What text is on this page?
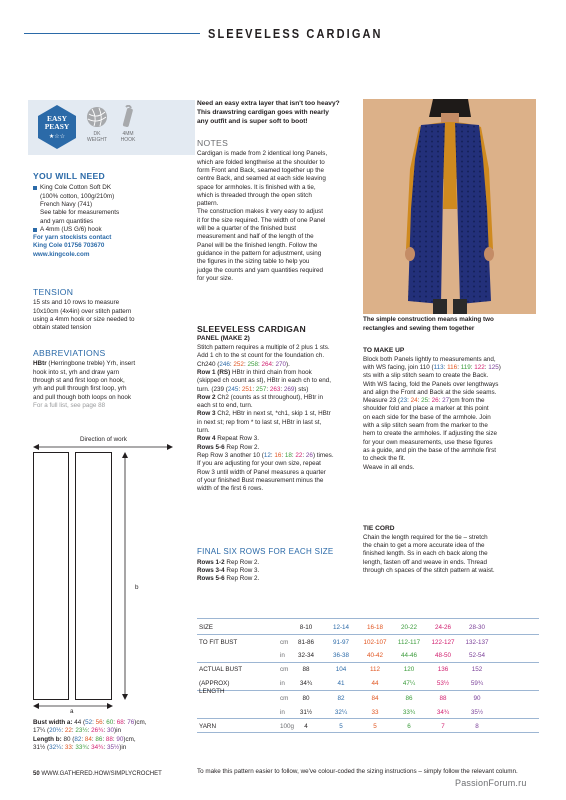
SLEEVELESS CARDIGAN
EASY
PEASY
★☆☆	DK
WEIGHT
4MM
HOOK
YOU WILL NEED
King Cole Cotton Soft DK
(100% cotton, 100g/210m)
French Navy (741)
See table for measurements
and yarn quantities
A 4mm (US G/6) hook
For yarn stockists contact
King Cole 01756 703670
www.kingcole.com
TENSION
15 sts and 10 rows to measure
10x10cm (4x4in) over stitch pattern
using a 4mm hook or size needed to
obtain stated tension
ABBREVIATIONS
HBtr (Herringbone treble) Yrh, insert
hook into st, yrh and draw yarn
through st and first loop on hook,
yrh and pull through first loop, yrh
and pull though both loops on hook
For a full list, see page 88
Direction of work
b
a
Bust width a: 44 (52: 56: 60: 68: 76)cm,
17¼ (20½: 22: 23½: 26¾: 30)in
Length b: 80 (82: 84: 86: 88: 90)cm,
31½ (32¼: 33: 33¾: 34¾: 35½)in
Need an easy extra layer that isn't too heavy?
This drawstring cardigan goes with nearly
any outfit and is super soft to boot!
NOTES
Cardigan is made from 2 identical long Panels,
which are folded lengthwise at the shoulder to
form Front and Back, seamed together up the
centre Back, and seamed at each side leaving
space for armholes. It is finished with a tie,
which is threaded through the open stitch
pattern.
The construction makes it very easy to adjust
it for the size required. The width of one Panel
will be a quarter of the finished bust
measurement and half of the length of the
Panel will be the finished length. Follow the
guidance in the pattern for adjustment, using
the figures in the sizing table to help you
judge the counts and yarn quantities required
for your size.
SLEEVELESS CARDIGAN
PANEL (MAKE 2)
Stitch pattern requires a multiple of 2 plus 1 sts.
Add 1 ch to the st count for the foundation ch.
Ch240 (246: 252: 258: 264: 270).
Row 1 (RS) HBtr in third chain from hook
(skipped ch count as st), HBtr in each ch to end,
turn. (239 (245: 251: 257: 263: 269) sts)
Row 2 Ch2 (counts as st throughout), HBtr in
each st to end, turn.
Row 3 Ch2, HBtr in next st, *ch1, skip 1 st, HBtr
in next st; rep from * to last st, HBtr in last st,
turn.
Row 4 Repeat Row 3.
Rows 5-6 Rep Row 2.
Rep Row 3 another 10 (12: 16: 18: 22: 26) times.
If you are adjusting for your own size, repeat
Row 3 until width of Panel measures a quarter
of your finished Bust measurement minus the
width of the first 6 rows.
FINAL SIX ROWS FOR EACH SIZE
Rows 1-2 Rep Row 2.
Rows 3-4 Rep Row 3.
Rows 5-6 Rep Row 2.
The simple construction means making two
rectangles and sewing them together
TO MAKE UP
Block both Panels lightly to measurements and,
with WS facing, join 110 (113: 116: 119: 122: 125)
sts with a slip stitch seam to create the Back.
With WS facing, fold the Panels over lengthways
and align the Front and Back at the side seams.
Measure 23 (23: 24: 25: 26: 27)cm from the
shoulder fold and place a marker at this point
on each side for the base of the armhole. Join
with a slip stitch seam from the marker to the
hem to create the armholes. If adjusting the size
for your own measurements, use these figures
as a guide, and pin the base of the armhole first
to check the fit.
Weave in all ends.
TIE CORD
Chain the length required for the tie – stretch
the chain to get a more accurate idea of the
finished length. Ss in each ch back along the
length, fasten off and weave in ends. Thread
through ch spaces of the stitch pattern at waist.
SIZE	8-10	12-14	16-18	20-22	24-26	28-30
TO FIT BUST	cm	81-86	91-97	102-107	112-117	122-127	132-137
in	32-34	36-38	40-42	44-46	48-50	52-54
ACTUAL BUST	cm	88	104	112	120	136	152
(APPROX)	in	34¾	41	44	47¼	53½	59¾
LENGTH
cm	80	82	84	86	88	90
in	31½	32¼	33	33¾	34¾	35½
YARN	100g	4	5	5	6	7	8
To make this pattern easier to follow, we've colour-coded the sizing instructions – simply follow the relevant column.
50 WWW.GATHERED.HOW/SIMPLYCROCHET
PassionForum.ru
